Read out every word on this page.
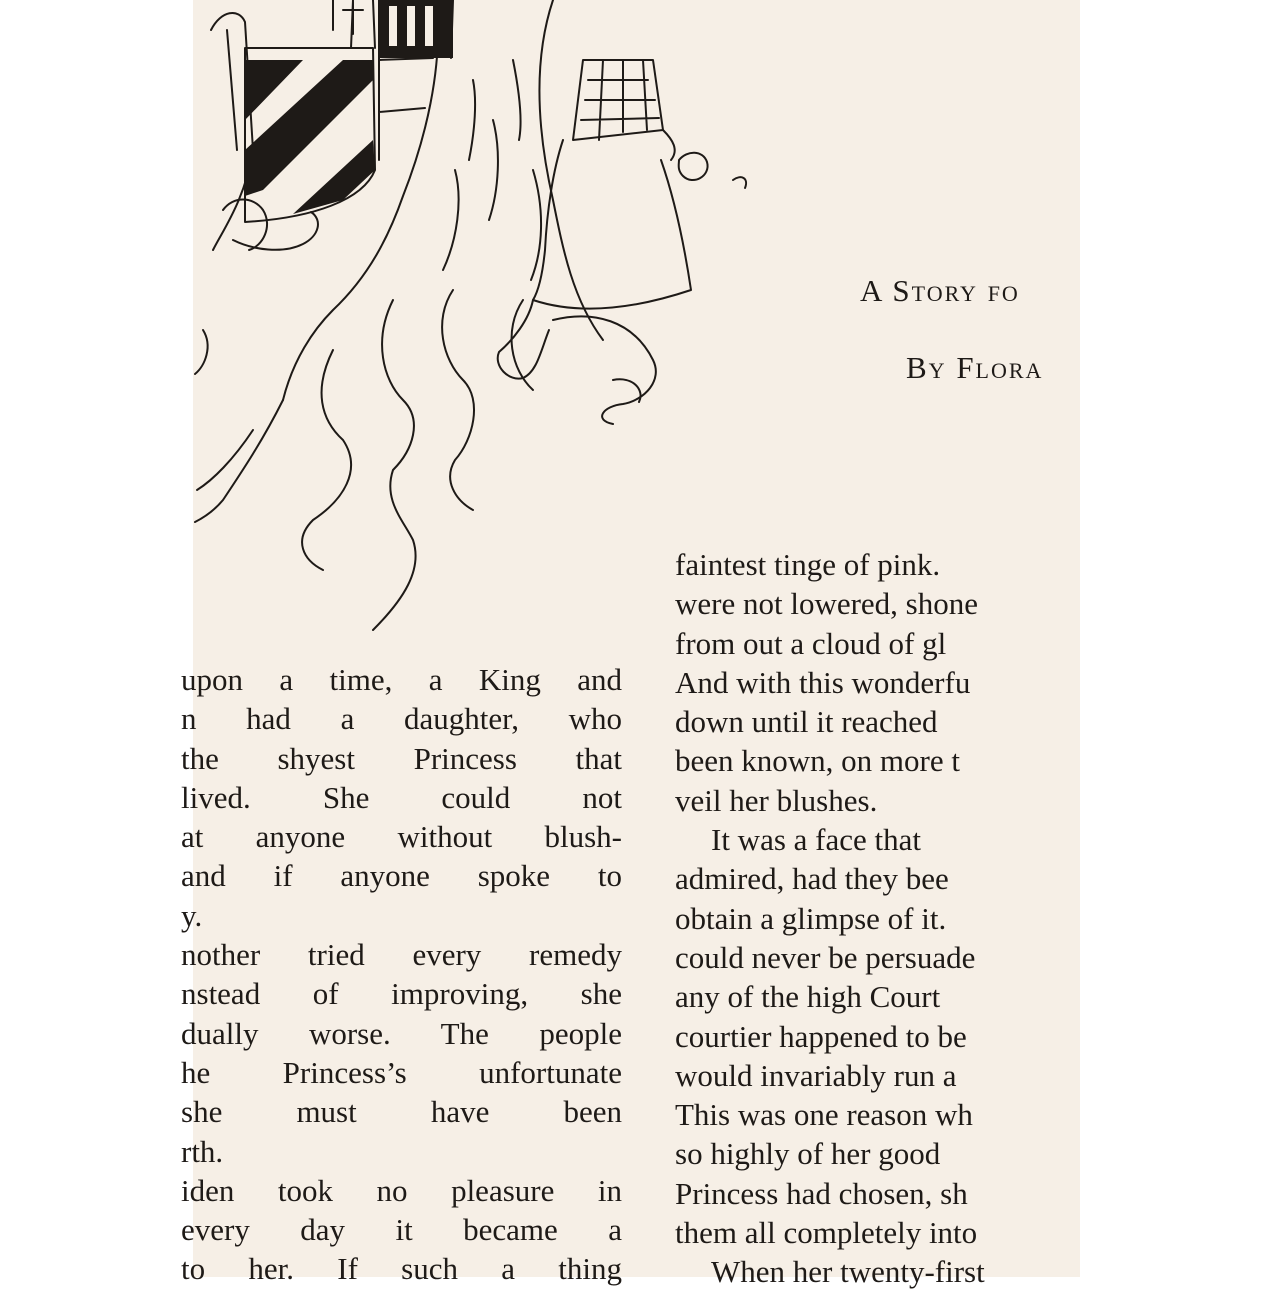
A Story fo
By Flora
upon a time, a King and
n had a daughter, who
the shyest Princess that
lived. She could not
at anyone without blush-
and if anyone spoke to
y.
nother tried every remedy
nstead of improving, she
dually worse. The people
he Princess’s unfortunate
she must have been
rth.
iden took no pleasure in
every day it became a
to her. If such a thing
faintest tinge of pink.
were not lowered, shone
from out a cloud of gl
And with this wonderfu
down until it reached
been known, on more t
veil her blushes.
It was a face that
admired, had they bee
obtain a glimpse of it.
could never be persuade
any of the high Court
courtier happened to be
would invariably run a
This was one reason wh
so highly of her good
Princess had chosen, sh
them all completely into
When her twenty-first
